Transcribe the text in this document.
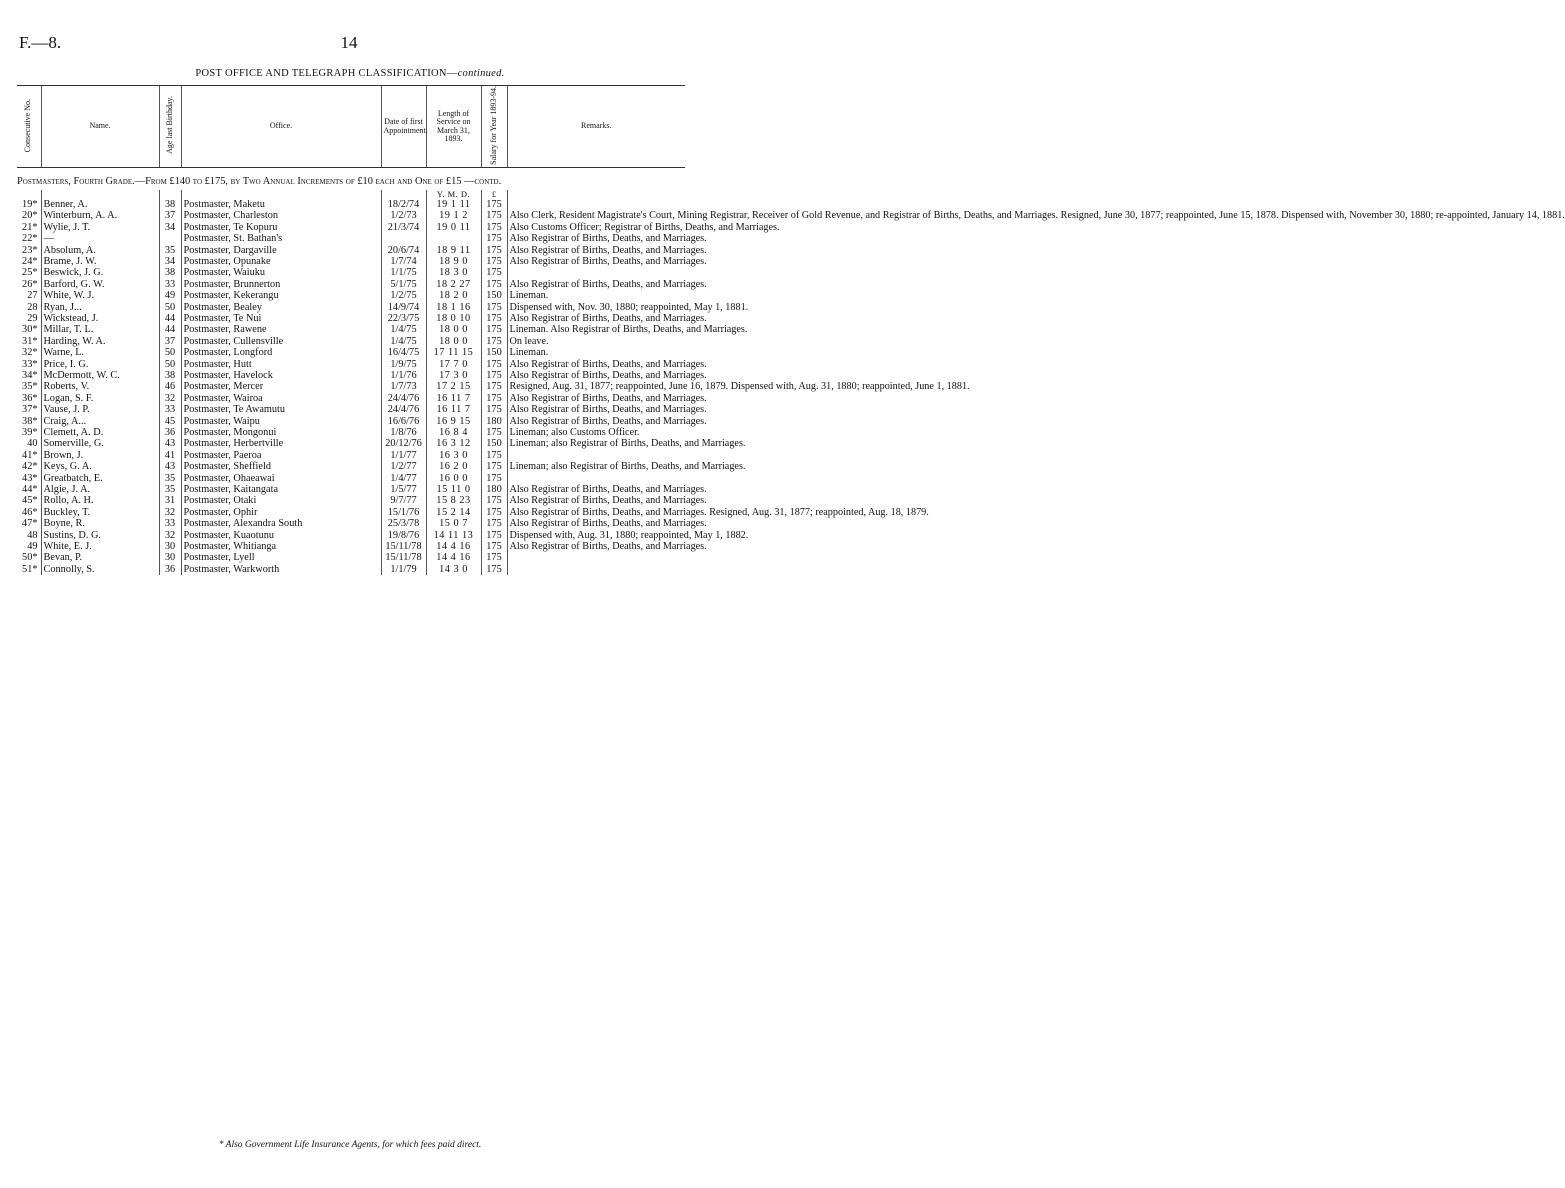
F.—8.	14
POST OFFICE AND TELEGRAPH CLASSIFICATION—continued.
Consecutive No.	Name.	Age last Birthday.	Office.	Date of first Appointment.	Length of Service on March 31, 1893.	Salary for Year 1893-94.	Remarks.
Postmasters, Fourth Grade.—From £140 to £175, by Two Annual Increments of £10 each and One of £15 —contd.							
					Y. M. D.	£	
19*	Benner, A.	38	Postmaster, Maketu	18/2/74	19 1 11	175	
20*	Winterburn, A. A.	37	Postmaster, Charleston	1/2/73	19 1 2	175	Also Clerk, Resident Magistrate's Court, Mining Registrar, Receiver of Gold Revenue, and Registrar of Births, Deaths, and Marriages. Resigned, June 30, 1877; reappointed, June 15, 1878. Dispensed with, November 30, 1880; re-appointed, January 14, 1881.
21*	Wylie, J. T.	34	Postmaster, Te Kopuru	21/3/74	19 0 11	175	Also Customs Officer; Registrar of Births, Deaths, and Marriages.
22*	—		Postmaster, St. Bathan's			175	Also Registrar of Births, Deaths, and Marriages.
23*	Absolum, A.	35	Postmaster, Dargaville	20/6/74	18 9 11	175	Also Registrar of Births, Deaths, and Marriages.
24*	Brame, J. W.	34	Postmaster, Opunake	1/7/74	18 9 0	175	Also Registrar of Births, Deaths, and Marriages.
25*	Beswick, J. G.	38	Postmaster, Waiuku	1/1/75	18 3 0	175	
26*	Barford, G. W.	33	Postmaster, Brunnerton	5/1/75	18 2 27	175	Also Registrar of Births, Deaths, and Marriages.
27	White, W. J.	49	Postmaster, Kekerangu	1/2/75	18 2 0	150	Lineman.
28	Ryan, J...	50	Postmaster, Bealey	14/9/74	18 1 16	175	Dispensed with, Nov. 30, 1880; reappointed, May 1, 1881.
29	Wickstead, J.	44	Postmaster, Te Nui	22/3/75	18 0 10	175	Also Registrar of Births, Deaths, and Marriages.
30*	Millar, T. L.	44	Postmaster, Rawene	1/4/75	18 0 0	175	Lineman. Also Registrar of Births, Deaths, and Marriages.
31*	Harding, W. A.	37	Postmaster, Cullensville	1/4/75	18 0 0	175	On leave.
32*	Warne, L.	50	Postmaster, Longford	16/4/75	17 11 15	150	Lineman.
33*	Price, I. G.	50	Postmaster, Hutt	1/9/75	17 7 0	175	Also Registrar of Births, Deaths, and Marriages.
34*	McDermott, W. C.	38	Postmaster, Havelock	1/1/76	17 3 0	175	Also Registrar of Births, Deaths, and Marriages.
35*	Roberts, V.	46	Postmaster, Mercer	1/7/73	17 2 15	175	Resigned, Aug. 31, 1877; reappointed, June 16, 1879. Dispensed with, Aug. 31, 1880; reappointed, June 1, 1881.
36*	Logan, S. F.	32	Postmaster, Wairoa	24/4/76	16 11 7	175	Also Registrar of Births, Deaths, and Marriages.
37*	Vause, J. P.	33	Postmaster, Te Awamutu	24/4/76	16 11 7	175	Also Registrar of Births, Deaths, and Marriages.
38*	Craig, A...	45	Postmaster, Waipu	16/6/76	16 9 15	180	Also Registrar of Births, Deaths, and Marriages.
39*	Clemett, A. D.	36	Postmaster, Mongonui	1/8/76	16 8 4	175	Lineman; also Customs Officer.
40	Somerville, G.	43	Postmaster, Herbertville	20/12/76	16 3 12	150	Lineman; also Registrar of Births, Deaths, and Marriages.
41*	Brown, J.	41	Postmaster, Paeroa	1/1/77	16 3 0	175	
42*	Keys, G. A.	43	Postmaster, Sheffield	1/2/77	16 2 0	175	Lineman; also Registrar of Births, Deaths, and Marriages.
43*	Greatbatch, E.	35	Postmaster, Ohaeawai	1/4/77	16 0 0	175	
44*	Algie, J. A.	35	Postmaster, Kaitangata	1/5/77	15 11 0	180	Also Registrar of Births, Deaths, and Marriages.
45*	Rollo, A. H.	31	Postmaster, Otaki	9/7/77	15 8 23	175	Also Registrar of Births, Deaths, and Marriages.
46*	Buckley, T.	32	Postmaster, Ophir	15/1/76	15 2 14	175	Also Registrar of Births, Deaths, and Marriages. Resigned, Aug. 31, 1877; reappointed, Aug. 18, 1879.
47*	Boyne, R.	33	Postmaster, Alexandra South	25/3/78	15 0 7	175	Also Registrar of Births, Deaths, and Marriages.
48	Sustins, D. G.	32	Postmaster, Kuaotunu	19/8/76	14 11 13	175	Dispensed with, Aug. 31, 1880; reappointed, May 1, 1882.
49	White, E. J.	30	Postmaster, Whitianga	15/11/78	14 4 16	175	Also Registrar of Births, Deaths, and Marriages.
50*	Bevan, P.	30	Postmaster, Lyell	15/11/78	14 4 16	175	
51*	Connolly, S.	36	Postmaster, Warkworth	1/1/79	14 3 0	175	
* Also Government Life Insurance Agents, for which fees paid direct.
